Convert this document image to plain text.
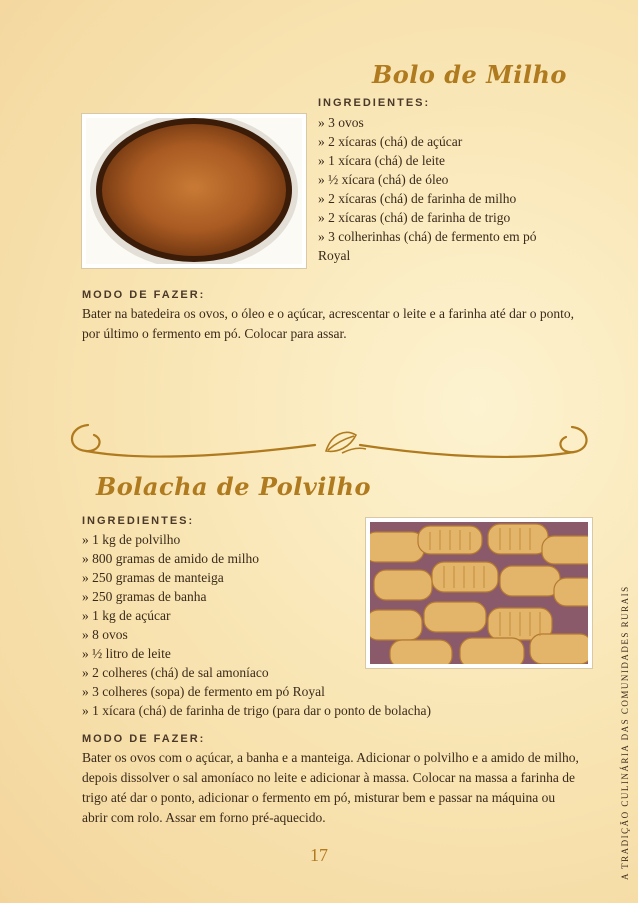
Bolo de Milho

INGREDIENTES:

» 3 ovos
» 2 xícaras (chá) de açúcar
» 1 xícara (chá) de leite
» ½ xícara (chá) de óleo
» 2 xícaras (chá) de farinha de milho
» 2 xícaras (chá) de farinha de trigo
» 3 colherinhas (chá) de fermento em pó
Royal

MODO DE FAZER:

Bater na batedeira os ovos, o óleo e o açúcar, acrescentar o leite e a farinha até dar o ponto, por último o fermento em pó. Colocar para assar.

Bolacha de Polvilho

INGREDIENTES:

» 1 kg de polvilho
» 800 gramas de amido de milho
» 250 gramas de manteiga
» 250 gramas de banha
» 1 kg de açúcar
» 8 ovos
» ½ litro de leite
» 2 colheres (chá) de sal amoníaco
» 3 colheres (sopa) de fermento em pó Royal
» 1 xícara (chá) de farinha de trigo (para dar o ponto de bolacha)

MODO DE FAZER:

Bater os ovos com o açúcar, a banha e a manteiga. Adicionar o polvilho e a amido de milho, depois dissolver o sal amoníaco no leite e adicionar à massa. Colocar na massa a farinha de trigo até dar o ponto, adicionar o fermento em pó, misturar bem e passar na máquina ou abrir com rolo. Assar em forno pré-aquecido.

17	A TRADIÇÃO CULINÁRIA DAS COMUNIDADES RURAIS
